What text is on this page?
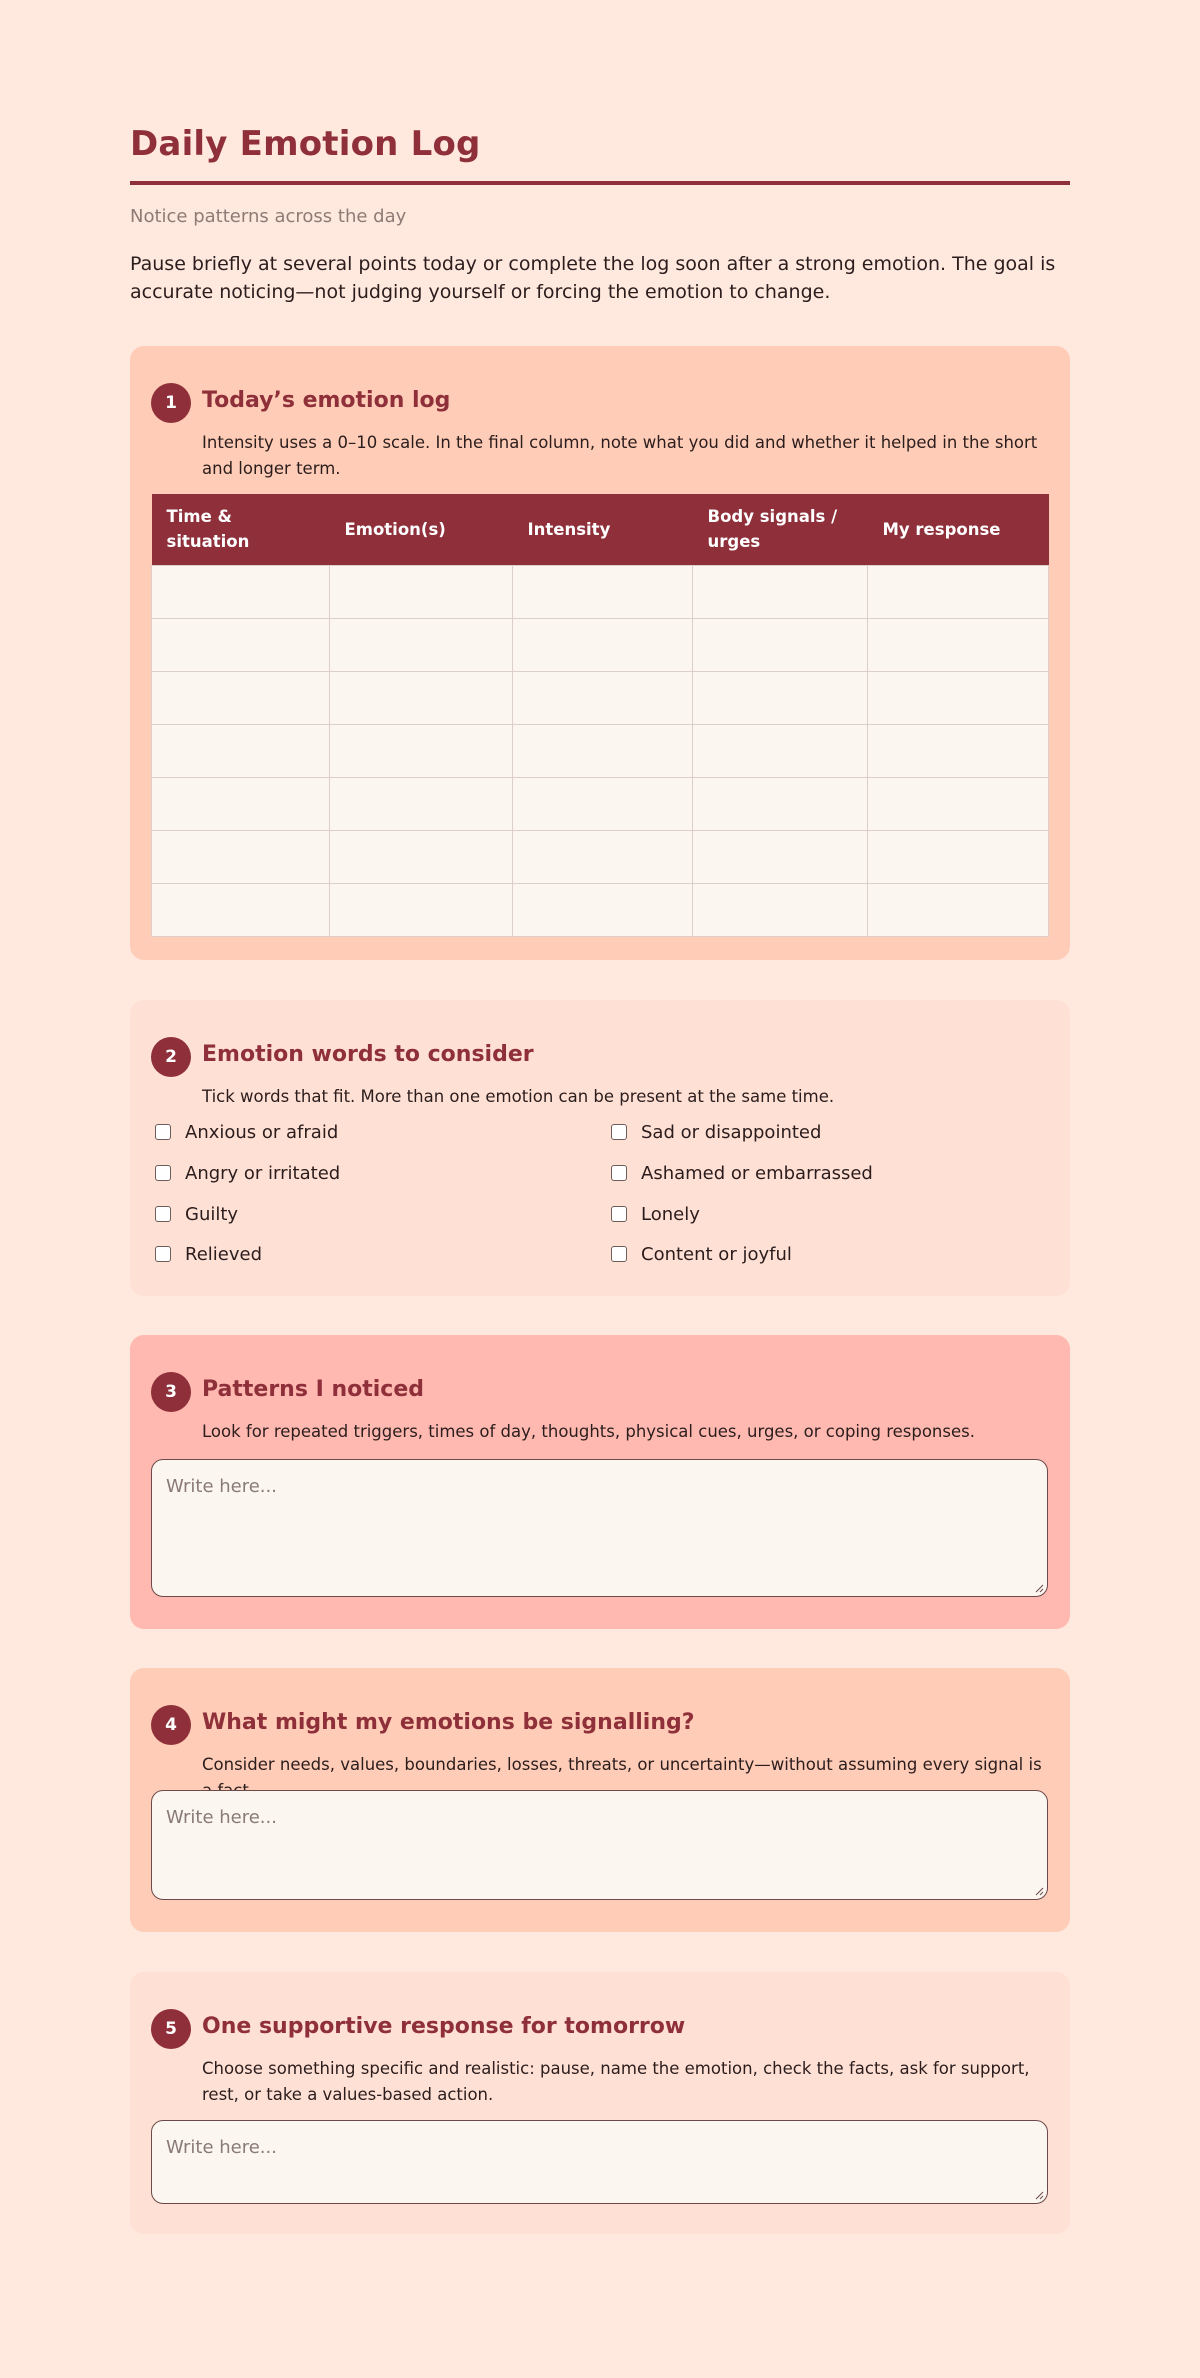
Daily Emotion Log
Notice patterns across the day

Pause briefly at several points today or complete the log soon after a strong emotion. The goal is accurate noticing—not judging yourself or forcing the emotion to change.

1	Today’s emotion log

Intensity uses a 0–10 scale. In the final column, note what you did and whether it helped in the short and longer term.

Time & situation	Emotion(s)	Intensity	Body signals / urges	My response

2	Emotion words to consider

Tick words that fit. More than one emotion can be present at the same time.

Anxious or afraid
Angry or irritated
Guilty
Relieved
Sad or disappointed
Ashamed or embarrassed
Lonely
Content or joyful
3	Patterns I noticed

Look for repeated triggers, times of day, thoughts, physical cues, urges, or coping responses.

Write here...
4	What might my emotions be signalling?

Consider needs, values, boundaries, losses, threats, or uncertainty—without assuming every signal is

Write here...
5	One supportive response for tomorrow

Choose something specific and realistic: pause, name the emotion, check the facts, ask for support, rest, or take a values-based action.

Write here...
